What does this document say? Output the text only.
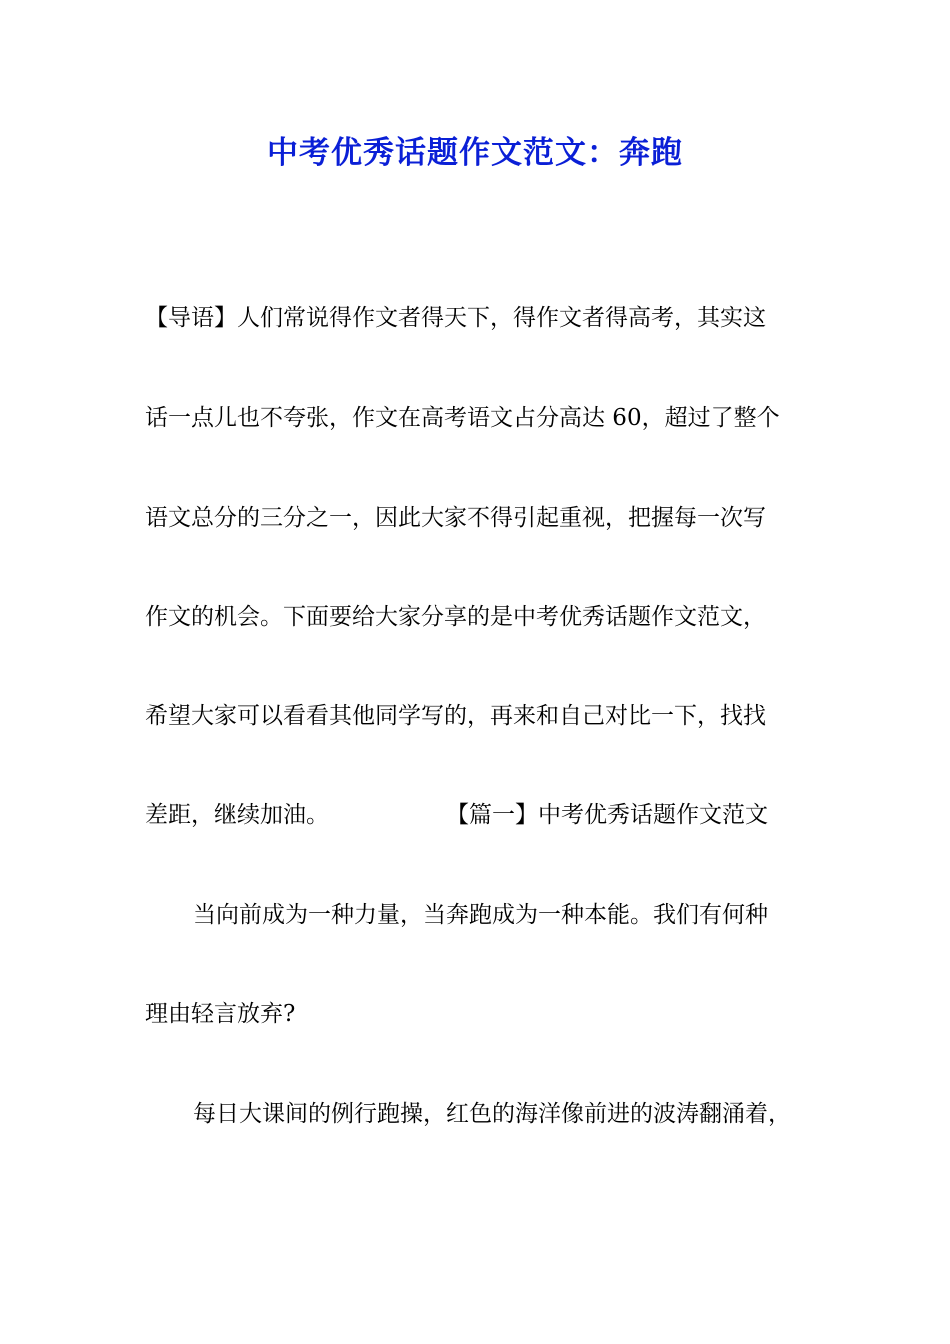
中考优秀话题作文范文：奔跑

【导语】人们常说得作文者得天下，得作文者得高考，其实这

话一点儿也不夸张，作文在高考语文占分高达 60，超过了整个

语文总分的三分之一，因此大家不得引起重视，把握每一次写

作文的机会。下面要给大家分享的是中考优秀话题作文范文，

希望大家可以看看其他同学写的，再来和自己对比一下，找找

差距，继续加油。                【篇一】中考优秀话题作文范文

当向前成为一种力量，当奔跑成为一种本能。我们有何种

理由轻言放弃?

每日大课间的例行跑操，红色的海洋像前进的波涛翻涌着，
